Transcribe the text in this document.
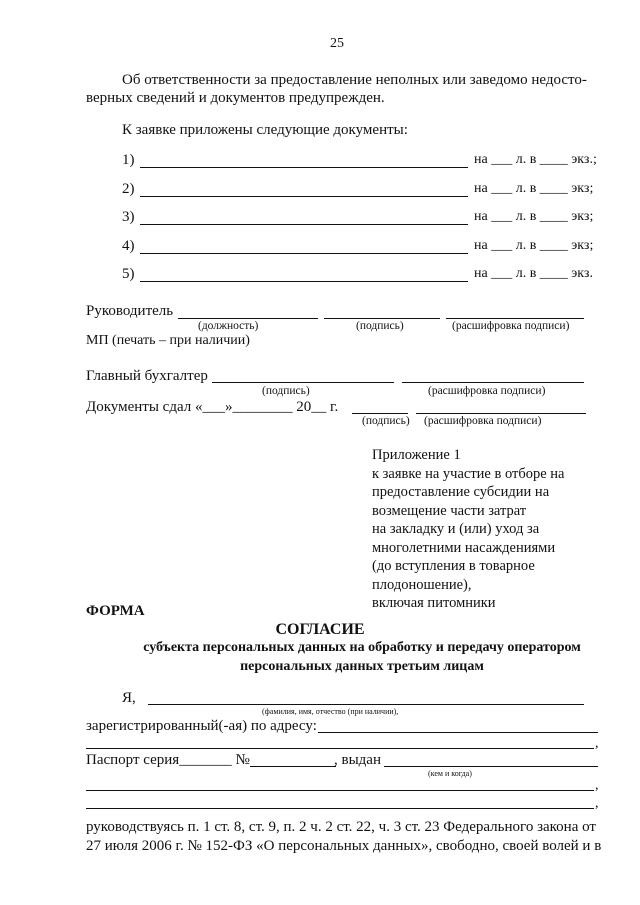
25
Об ответственности за предоставление неполных или заведомо недосто-
верных сведений и документов предупрежден.
К заявке приложены следующие документы:
1)	на ___ л. в ____ экз.;
2)	на ___ л. в ____ экз;
3)	на ___ л. в ____ экз;
4)	на ___ л. в ____ экз;
5)	на ___ л. в ____ экз.
Руководитель
(должность)	(подпись)	(расшифровка подписи)
МП (печать – при наличии)
Главный бухгалтер
(подпись)	(расшифровка подписи)
Документы сдал «___»________ 20__ г.
(подпись) (расшифровка подписи)
Приложение 1
к заявке на участие в отборе на
предоставление субсидии на
возмещение части затрат
на закладку и (или) уход за
многолетними насаждениями
(до вступления в товарное
плодоношение),
включая питомники
ФОРМА
СОГЛАСИЕ
субъекта персональных данных на обработку и передачу оператором
персональных данных третьим лицам
Я,
(фамилия, имя, отчество (при наличии),
зарегистрированный(-ая) по адресу:
,
Паспорт серия_______ №	, выдан
(кем и когда)
,
,
руководствуясь п. 1 ст. 8, ст. 9, п. 2 ч. 2 ст. 22, ч. 3 ст. 23 Федерального закона от
27 июля 2006 г. № 152-ФЗ «О персональных данных», свободно, своей волей и в
